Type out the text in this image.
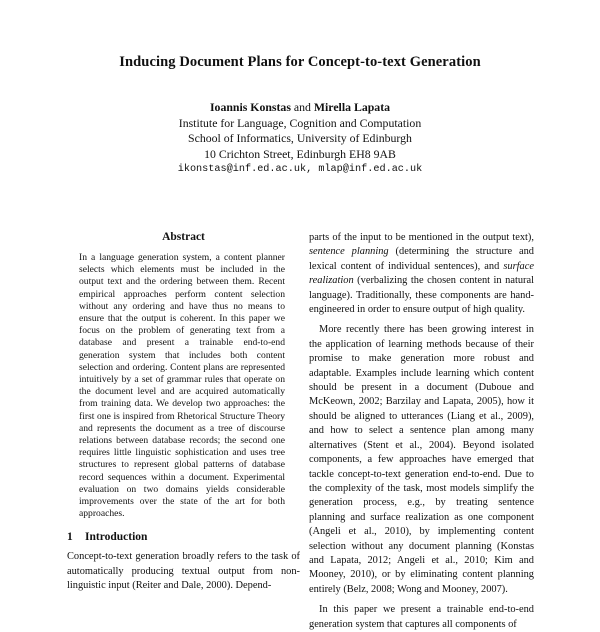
Inducing Document Plans for Concept-to-text Generation
Ioannis Konstas and Mirella Lapata
Institute for Language, Cognition and Computation
School of Informatics, University of Edinburgh
10 Crichton Street, Edinburgh EH8 9AB
ikonstas@inf.ed.ac.uk, mlap@inf.ed.ac.uk
Abstract

In a language generation system, a content planner selects which elements must be included in the output text and the ordering between them. Recent empirical approaches perform content selection without any ordering and have thus no means to ensure that the output is coherent. In this paper we focus on the problem of generating text from a database and present a trainable end-to-end generation system that includes both content selection and ordering. Content plans are represented intuitively by a set of grammar rules that operate on the document level and are acquired automatically from training data. We develop two approaches: the first one is inspired from Rhetorical Structure Theory and represents the document as a tree of discourse relations between database records; the second one requires little linguistic sophistication and uses tree structures to represent global patterns of database record sequences within a document. Experimental evaluation on two domains yields considerable improvements over the state of the art for both approaches.

1 Introduction

Concept-to-text generation broadly refers to the task of automatically producing textual output from non-linguistic input (Reiter and Dale, 2000). Depend-

parts of the input to be mentioned in the output text), sentence planning (determining the structure and lexical content of individual sentences), and surface realization (verbalizing the chosen content in natural language). Traditionally, these components are hand-engineered in order to ensure output of high quality.

More recently there has been growing interest in the application of learning methods because of their promise to make generation more robust and adaptable. Examples include learning which content should be present in a document (Duboue and McKeown, 2002; Barzilay and Lapata, 2005), how it should be aligned to utterances (Liang et al., 2009), and how to select a sentence plan among many alternatives (Stent et al., 2004). Beyond isolated components, a few approaches have emerged that tackle concept-to-text generation end-to-end. Due to the complexity of the task, most models simplify the generation process, e.g., by treating sentence planning and surface realization as one component (Angeli et al., 2010), by implementing content selection without any document planning (Konstas and Lapata, 2012; Angeli et al., 2010; Kim and Mooney, 2010), or by eliminating content planning entirely (Belz, 2008; Wong and Mooney, 2007).

In this paper we present a trainable end-to-end generation system that captures all components of
